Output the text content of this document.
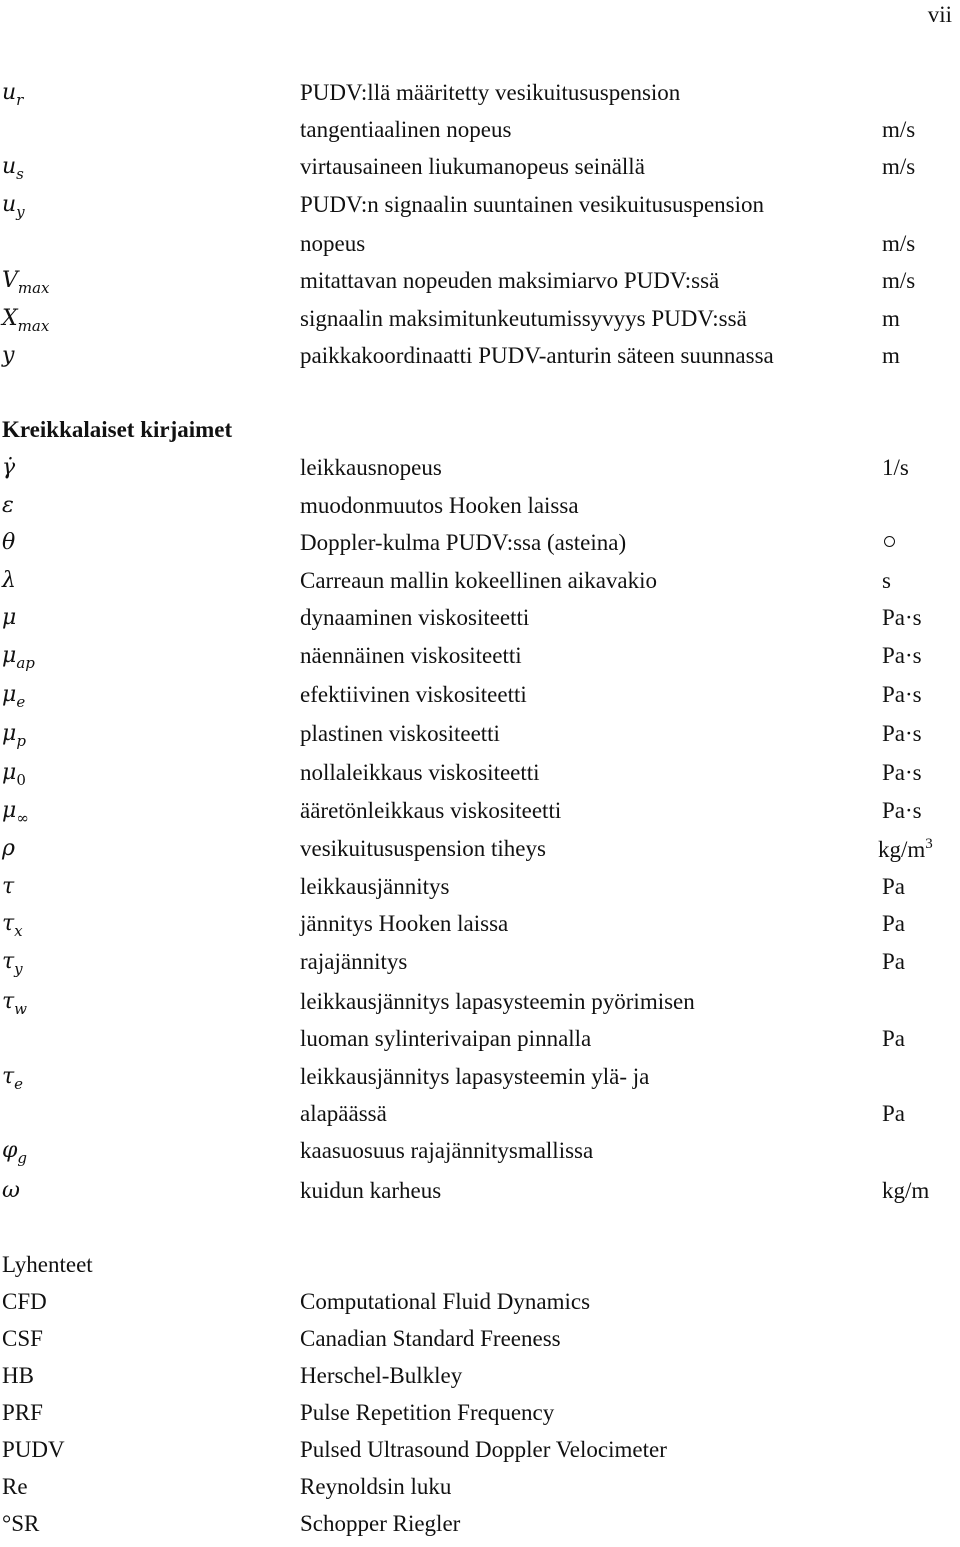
vii
$u_r$	PUDV:llä määritetty vesikuitususpension
tangentiaalinen nopeus	m/s
$u_s$	virtausaineen liukumanopeus seinällä	m/s
$u_y$	PUDV:n signaalin suuntainen vesikuitususpension
nopeus	m/s
$V_{max}$	mitattavan nopeuden maksimiarvo PUDV:ssä	m/s
$X_{max}$	signaalin maksimitunkeutumissyvyys PUDV:ssä	m
y	paikkakoordinaatti PUDV-anturin säteen suunnassa	m
Kreikkalaiset kirjaimet
γ̇	leikkausnopeus	1/s
ε	muodonmuutos Hooken laissa
θ	Doppler-kulma PUDV:ssa (asteina)
λ	Carreaun mallin kokeellinen aikavakio	s
μ	dynaaminen viskositeetti	Pa·s
$\mu_{ap}$	näennäinen viskositeetti	Pa·s
$\mu_e$	efektiivinen viskositeetti	Pa·s
$\mu_p$	plastinen viskositeetti	Pa·s
$\mu_0$	nollaleikkaus viskositeetti	Pa·s
$\mu_\infty$	ääretönleikkaus viskositeetti	Pa·s
ρ	vesikuitususpension tiheys	$kg/m^3$
τ	leikkausjännitys	Pa
$\tau_x$	jännitys Hooken laissa	Pa
$\tau_y$	rajajännitys	Pa
$\tau_w$	leikkausjännitys lapasysteemin pyörimisen
luoman sylinterivaipan pinnalla	Pa
$\tau_e$	leikkausjännitys lapasysteemin ylä- ja
alapäässä	Pa
$\varphi_g$	kaasuosuus rajajännitysmallissa
ω	kuidun karheus	kg/m
Lyhenteet
CFD	Computational Fluid Dynamics
CSF	Canadian Standard Freeness
HB	Herschel-Bulkley
PRF	Pulse Repetition Frequency
PUDV	Pulsed Ultrasound Doppler Velocimeter
Re	Reynoldsin luku
°SR	Schopper Riegler
